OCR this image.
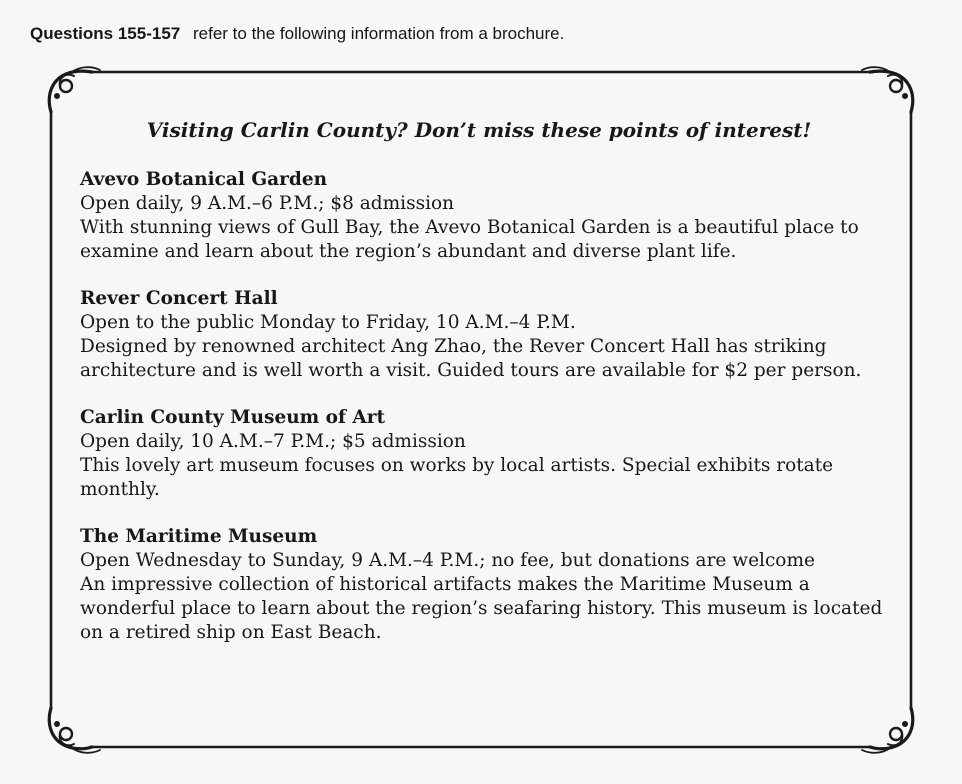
Questions 155-157 refer to the following information from a brochure.
Visiting Carlin County? Don’t miss these points of interest!

Avevo Botanical Garden

Open daily, 9 A.M.–6 P.M.; $8 admission

With stunning views of Gull Bay, the Avevo Botanical Garden is a beautiful place to examine and learn about the region’s abundant and diverse plant life.

Rever Concert Hall

Open to the public Monday to Friday, 10 A.M.–4 P.M.

Designed by renowned architect Ang Zhao, the Rever Concert Hall has striking architecture and is well worth a visit. Guided tours are available for $2 per person.

Carlin County Museum of Art

Open daily, 10 A.M.–7 P.M.; $5 admission

This lovely art museum focuses on works by local artists. Special exhibits rotate monthly.

The Maritime Museum

Open Wednesday to Sunday, 9 A.M.–4 P.M.; no fee, but donations are welcome

An impressive collection of historical artifacts makes the Maritime Museum a wonderful place to learn about the region’s seafaring history. This museum is located on a retired ship on East Beach.
